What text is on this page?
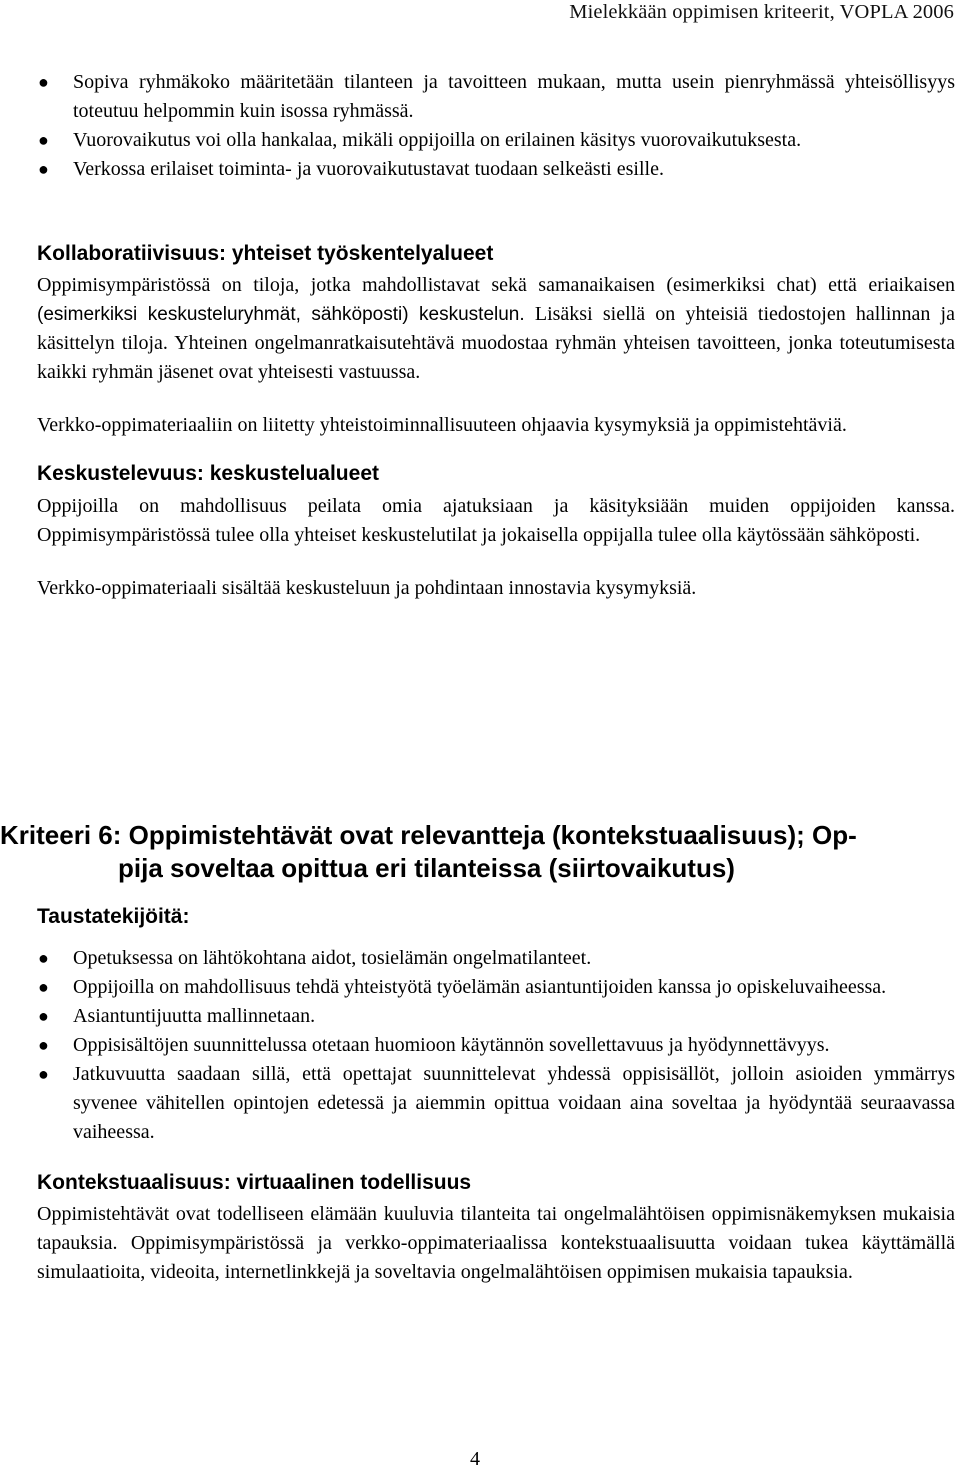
Mielekkään oppimisen kriteerit, VOPLA 2006
● Sopiva ryhmäkoko määritetään tilanteen ja tavoitteen mukaan, mutta usein pienryhmässä yhteisöllisyys toteutuu helpommin kuin isossa ryhmässä.
● Vuorovaikutus voi olla hankalaa, mikäli oppijoilla on erilainen käsitys vuorovaikutuksesta.
● Verkossa erilaiset toiminta- ja vuorovaikutustavat tuodaan selkeästi esille.
Kollaboratiivisuus: yhteiset työskentelyalueet

Oppimisympäristössä on tiloja, jotka mahdollistavat sekä samanaikaisen (esimerkiksi chat) että eriaikaisen (esimerkiksi keskusteluryhmät, sähköposti) keskustelun. Lisäksi siellä on yhteisiä tiedostojen hallinnan ja käsittelyn tiloja. Yhteinen ongelmanratkaisutehtävä muodostaa ryhmän yhteisen tavoitteen, jonka toteutumisesta kaikki ryhmän jäsenet ovat yhteisesti vastuussa.

Verkko-oppimateriaaliin on liitetty yhteistoiminnallisuuteen ohjaavia kysymyksiä ja oppimistehtäviä.

Keskustelevuus: keskustelualueet

Oppijoilla on mahdollisuus peilata omia ajatuksiaan ja käsityksiään muiden oppijoiden kanssa. Oppimisympäristössä tulee olla yhteiset keskustelutilat ja jokaisella oppijalla tulee olla käytössään sähköposti.

Verkko-oppimateriaali sisältää keskusteluun ja pohdintaan innostavia kysymyksiä.

Kriteeri 6: Oppimistehtävät ovat relevantteja (kontekstuaalisuus); Op-
pija soveltaa opittua eri tilanteissa (siirtovaikutus)
Taustatekijöitä:
● Opetuksessa on lähtökohtana aidot, tosielämän ongelmatilanteet.
● Oppijoilla on mahdollisuus tehdä yhteistyötä työelämän asiantuntijoiden kanssa jo opiskeluvaiheessa.
● Asiantuntijuutta mallinnetaan.
● Oppisisältöjen suunnittelussa otetaan huomioon käytännön sovellettavuus ja hyödynnettävyys.
● Jatkuvuutta saadaan sillä, että opettajat suunnittelevat yhdessä oppisisällöt, jolloin asioiden ymmärrys syvenee vähitellen opintojen edetessä ja aiemmin opittua voidaan aina soveltaa ja hyödyntää seuraavassa vaiheessa.
Kontekstuaalisuus: virtuaalinen todellisuus

Oppimistehtävät ovat todelliseen elämään kuuluvia tilanteita tai ongelmalähtöisen oppimisnäkemyksen mukaisia tapauksia. Oppimisympäristössä ja verkko-oppimateriaalissa kontekstuaalisuutta voidaan tukea käyttämällä simulaatioita, videoita, internetlinkkejä ja soveltavia ongelmalähtöisen oppimisen mukaisia tapauksia.

4
